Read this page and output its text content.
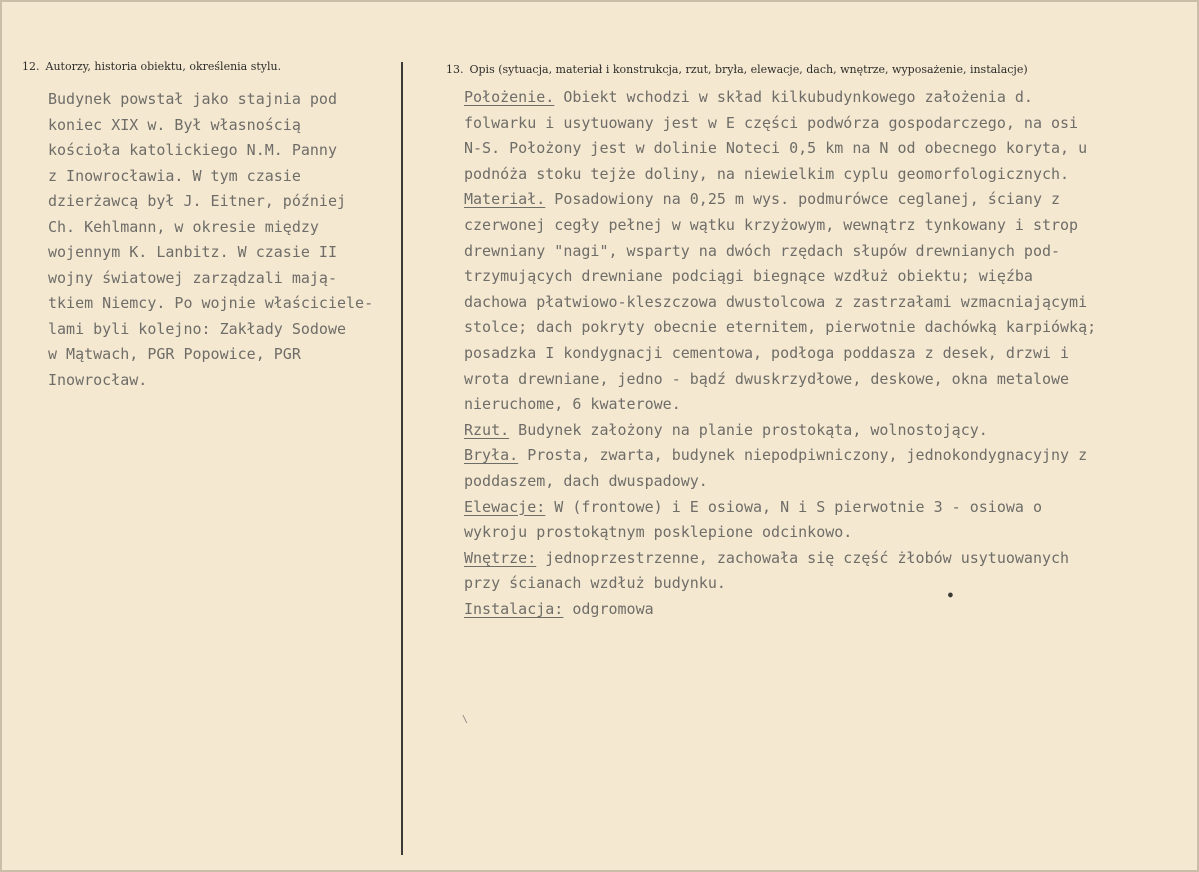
12. Autorzy, historia obiektu, określenia stylu.	13. Opis (sytuacja, materiał i konstrukcja, rzut, bryła, elewacje, dach, wnętrze, wyposażenie, instalacje)
Budynek powstał jako stajnia pod
koniec XIX w. Był własnością
kościoła katolickiego N.M. Panny
z Inowrocławia. W tym czasie
dzierżawcą był J. Eitner, później
Ch. Kehlmann, w okresie między
wojennym K. Lanbitz. W czasie II
wojny światowej zarządzali mają-
tkiem Niemcy. Po wojnie właściciele-
lami byli kolejno: Zakłady Sodowe
w Mątwach, PGR Popowice, PGR
Inowrocław.
Położenie. Obiekt wchodzi w skład kilkubudynkowego założenia d.
folwarku i usytuowany jest w E części podwórza gospodarczego, na osi
N-S. Położony jest w dolinie Noteci 0,5 km na N od obecnego koryta, u
podnóża stoku tejże doliny, na niewielkim cyplu geomorfologicznych.
Materiał. Posadowiony na 0,25 m wys. podmurówce ceglanej, ściany z
czerwonej cegły pełnej w wątku krzyżowym, wewnątrz tynkowany i strop
drewniany "nagi", wsparty na dwóch rzędach słupów drewnianych pod-
trzymujących drewniane podciągi biegnące wzdłuż obiektu; więźba
dachowa płatwiowo-kleszczowa dwustolcowa z zastrzałami wzmacniającymi
stolce; dach pokryty obecnie eternitem, pierwotnie dachówką karpiówką;
posadzka I kondygnacji cementowa, podłoga poddasza z desek, drzwi i
wrota drewniane, jedno - bądź dwuskrzydłowe, deskowe, okna metalowe
nieruchome, 6 kwaterowe.
Rzut. Budynek założony na planie prostokąta, wolnostojący.
Bryła. Prosta, zwarta, budynek niepodpiwniczony, jednokondygnacyjny z
poddaszem, dach dwuspadowy.
Elewacje: W (frontowe) i E osiowa, N i S pierwotnie 3 - osiowa o
wykroju prostokątnym posklepione odcinkowo.
Wnętrze: jednoprzestrzenne, zachowała się część żłobów usytuowanych
przy ścianach wzdłuż budynku.
Instalacja: odgromowa
\
●
